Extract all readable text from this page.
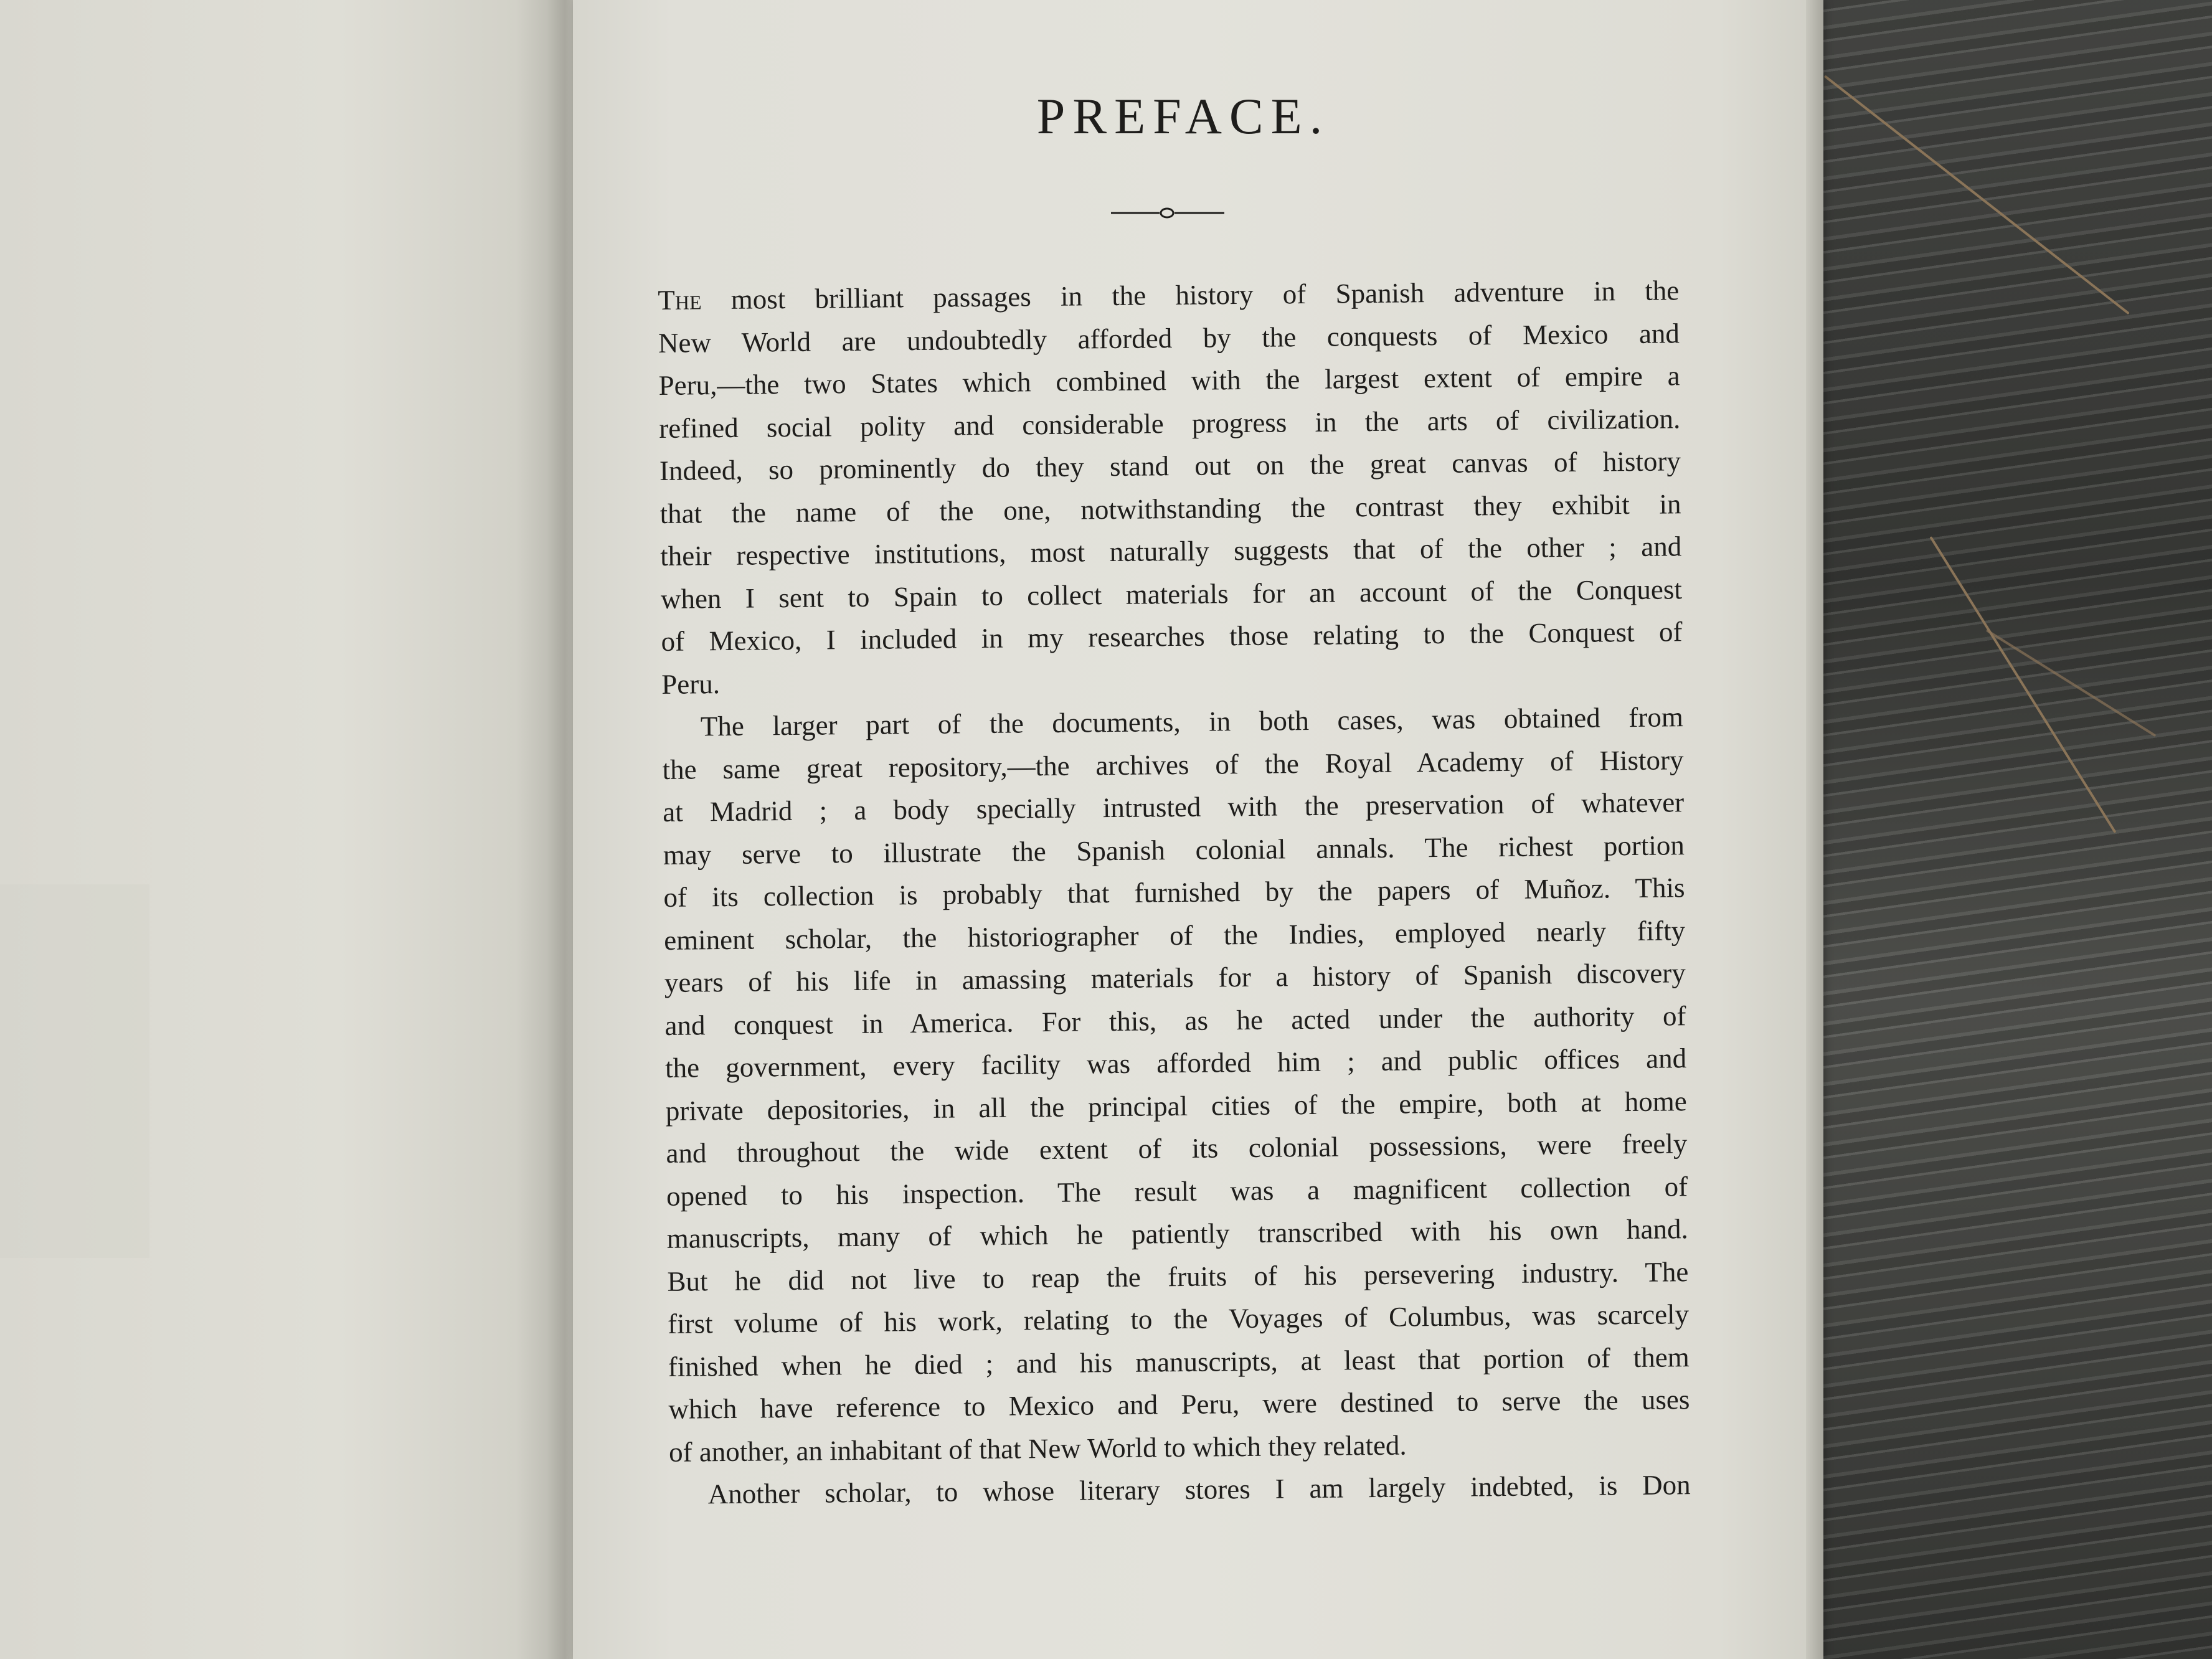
PREFACE.
The most brilliant passages in the history of Spanish adventure in the
New World are undoubtedly afforded by the conquests of Mexico and
Peru,—the two States which combined with the largest extent of empire a
refined social polity and considerable progress in the arts of civilization.
Indeed, so prominently do they stand out on the great canvas of history
that the name of the one, notwithstanding the contrast they exhibit in
their respective institutions, most naturally suggests that of the other ; and
when I sent to Spain to collect materials for an account of the Conquest
of Mexico, I included in my researches those relating to the Conquest of
Peru.
The larger part of the documents, in both cases, was obtained from
the same great repository,—the archives of the Royal Academy of History
at Madrid ; a body specially intrusted with the preservation of whatever
may serve to illustrate the Spanish colonial annals. The richest portion
of its collection is probably that furnished by the papers of Muñoz. This
eminent scholar, the historiographer of the Indies, employed nearly fifty
years of his life in amassing materials for a history of Spanish discovery
and conquest in America. For this, as he acted under the authority of
the government, every facility was afforded him ; and public offices and
private depositories, in all the principal cities of the empire, both at home
and throughout the wide extent of its colonial possessions, were freely
opened to his inspection. The result was a magnificent collection of
manuscripts, many of which he patiently transcribed with his own hand.
But he did not live to reap the fruits of his persevering industry. The
first volume of his work, relating to the Voyages of Columbus, was scarcely
finished when he died ; and his manuscripts, at least that portion of them
which have reference to Mexico and Peru, were destined to serve the uses
of another, an inhabitant of that New World to which they related.
Another scholar, to whose literary stores I am largely indebted, is Don
